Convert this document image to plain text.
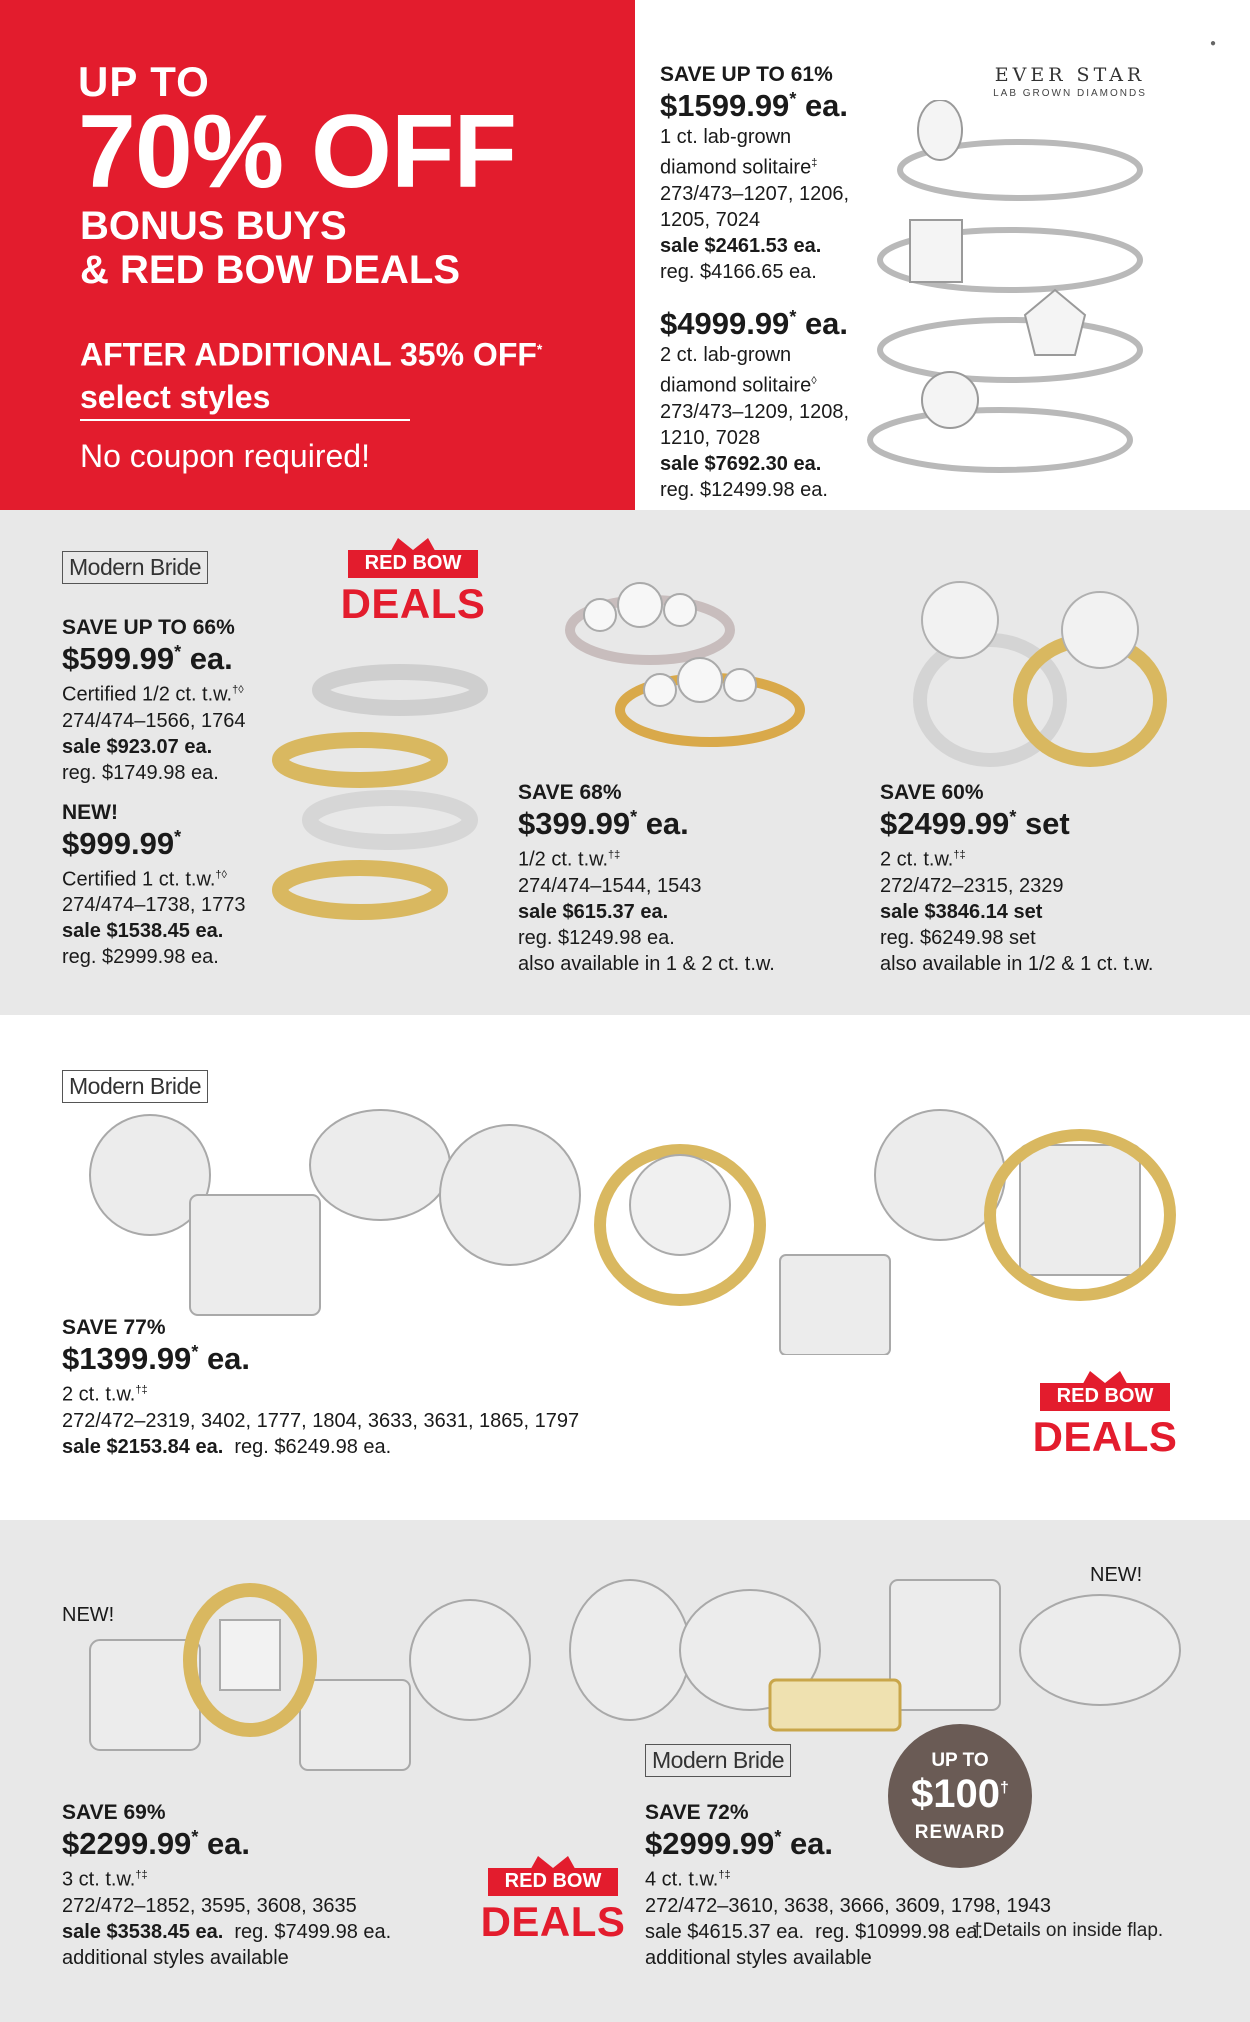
UP TO
70% OFF
BONUS BUYS
& RED BOW DEALS
AFTER ADDITIONAL 35% OFF*
select styles
No coupon required!
●
SAVE UP TO 61%
$1599.99* ea.
1 ct. lab-grown
diamond solitaire‡
273/473–1207, 1206,
1205, 7024
sale $2461.53 ea.
reg. $4166.65 ea.
$4999.99* ea.
2 ct. lab-grown
diamond solitaire◊
273/473–1209, 1208,
1210, 7028
sale $7692.30 ea.
reg. $12499.98 ea.
EVER STAR
LAB GROWN DIAMONDS
Modern Bride	RED BOW
DEALS
SAVE UP TO 66%
$599.99* ea.
Certified 1/2 ct. t.w.†◊
274/474–1566, 1764
sale $923.07 ea.
reg. $1749.98 ea.
NEW!
$999.99*
Certified 1 ct. t.w.†◊
274/474–1738, 1773
sale $1538.45 ea.
reg. $2999.98 ea.
SAVE 68%
$399.99* ea.
1/2 ct. t.w.†‡
274/474–1544, 1543
sale $615.37 ea.
reg. $1249.98 ea.
also available in 1 & 2 ct. t.w.
SAVE 60%
$2499.99* set
2 ct. t.w.†‡
272/472–2315, 2329
sale $3846.14 set
reg. $6249.98 set
also available in 1/2 & 1 ct. t.w.
Modern Bride
SAVE 77%
$1399.99* ea.
2 ct. t.w.†‡
272/472–2319, 3402, 1777, 1804, 3633, 3631, 1865, 1797
sale $2153.84 ea. reg. $6249.98 ea.
RED BOW
DEALS
NEW!
NEW!
Modern Bride
SAVE 69%
$2299.99* ea.
3 ct. t.w.†‡
272/472–1852, 3595, 3608, 3635
sale $3538.45 ea. reg. $7499.98 ea.
additional styles available
RED BOW
DEALS
SAVE 72%
$2999.99* ea.
4 ct. t.w.†‡
272/472–3610, 3638, 3666, 3609, 1798, 1943
sale $4615.37 ea. reg. $10999.98 ea.
additional styles available
UP TO
$100†
REWARD
†Details on inside flap.
